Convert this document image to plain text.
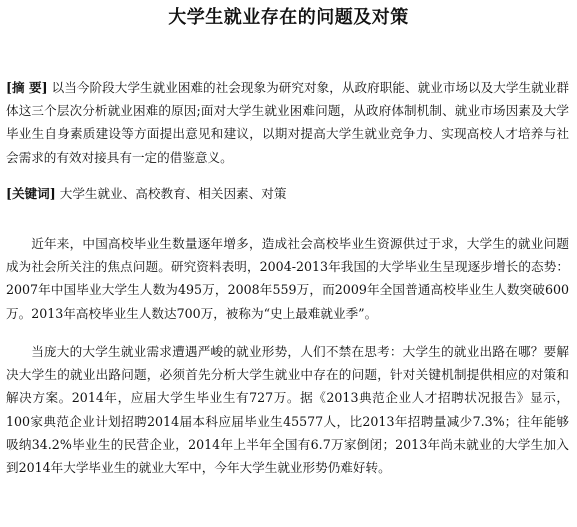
大学生就业存在的问题及对策
[摘 要] 以当今阶段大学生就业困难的社会现象为研究对象，从政府职能、就业市场以及大学生就业群体这三个层次分析就业困难的原因;面对大学生就业困难问题，从政府体制机制、就业市场因素及大学毕业生自身素质建设等方面提出意见和建议，以期对提高大学生就业竞争力、实现高校人才培养与社会需求的有效对接具有一定的借鉴意义。
[关键词] 大学生就业、高校教育、相关因素、对策
近年来，中国高校毕业生数量逐年增多，造成社会高校毕业生资源供过于求，大学生的就业问题成为社会所关注的焦点问题。研究资料表明，2004-2013年我国的大学毕业生呈现逐步增长的态势：2007年中国毕业大学生人数为495万，2008年559万，而2009年全国普通高校毕业生人数突破600万。2013年高校毕业生人数达700万，被称为“史上最难就业季”。
当庞大的大学生就业需求遭遇严峻的就业形势，人们不禁在思考：大学生的就业出路在哪？要解决大学生的就业出路问题，必须首先分析大学生就业中存在的问题，针对关键机制提供相应的对策和解决方案。2014年，应届大学生毕业生有727万。据《2013典范企业人才招聘状况报告》显示，100家典范企业计划招聘2014届本科应届毕业生45577人，比2013年招聘量减少7.3%；往年能够吸纳34.2%毕业生的民营企业，2014年上半年全国有6.7万家倒闭；2013年尚未就业的大学生加入到2014年大学毕业生的就业大军中，今年大学生就业形势仍难好转。
